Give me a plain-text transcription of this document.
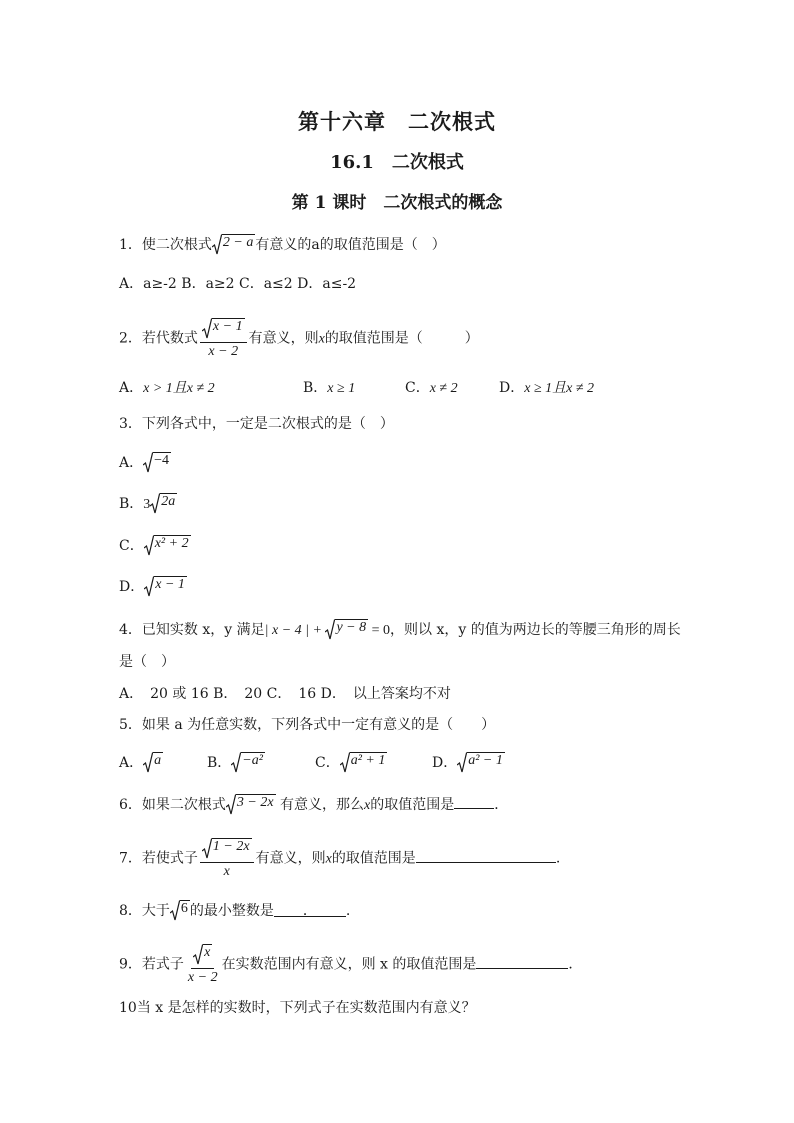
第十六章　二次根式
16.1　二次根式
第 1 课时　二次根式的概念
1．使二次根式 2 − a 有意义的a的取值范围是（　）
A．a≥-2 B．a≥2 C．a≤2 D．a≤-2
2．若代数式 $\frac{x - 1}{x - 2}$ 有意义，则x的取值范围是（　　　）
A．x > 1且x ≠ 2	B．x ≥ 1	C．x ≠ 2	D．x ≥ 1且x ≠ 2
3．下列各式中，一定是二次根式的是（　）
A． −4
B．3 2a
C． x² + 2
D． x − 1
4．已知实数 x，y 满足| x − 4 | + y − 8 = 0，则以 x，y 的值为两边长的等腰三角形的周长
是（　）
A．　20 或 16 B．　20 C．　16 D．　以上答案均不对
5．如果 a 为任意实数，下列各式中一定有意义的是（　　）
A． a	B． −a²	C． a² + 1	D． a² − 1
6．如果二次根式 3 − 2x 有意义，那么x的取值范围是	．
7．若使式子 $\frac{1 - 2x}{x}$ 有意义，则x的取值范围是	.
8．大于 6 的最小整数是 ． .
9．若式子 $\frac{x}{x - 2}$ 在实数范围内有意义，则 x 的取值范围是	．
10当 x 是怎样的实数时，下列式子在实数范围内有意义？
